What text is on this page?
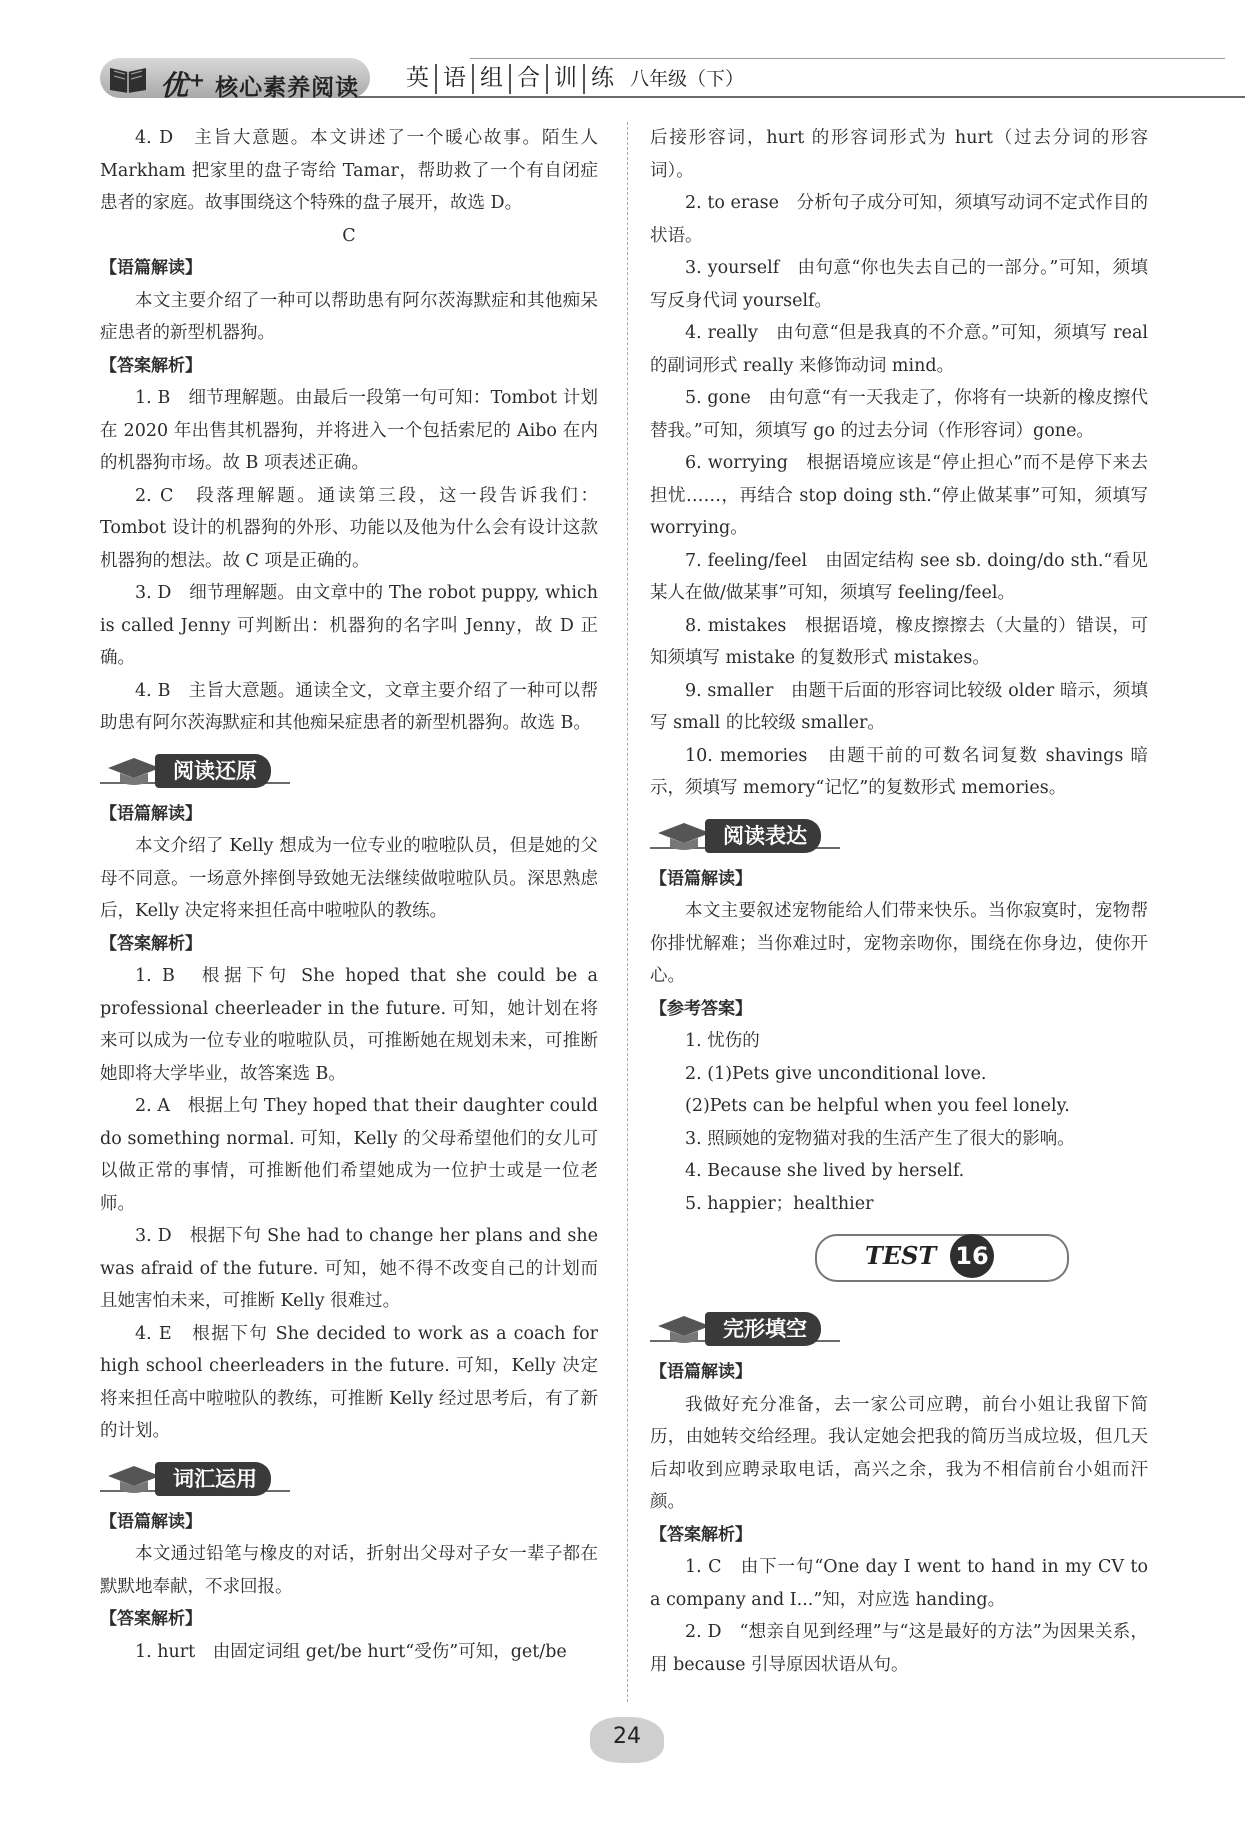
优+ 核心素养阅读 英 语 组 合 训 练 八年级（下）

4. D　主旨大意题。本文讲述了一个暖心故事。陌生人 Markham 把家里的盘子寄给 Tamar，帮助救了一个有自闭症患者的家庭。故事围绕这个特殊的盘子展开，故选 D。

C

【语篇解读】

本文主要介绍了一种可以帮助患有阿尔茨海默症和其他痴呆症患者的新型机器狗。

【答案解析】

1. B　细节理解题。由最后一段第一句可知：Tombot 计划在 2020 年出售其机器狗，并将进入一个包括索尼的 Aibo 在内的机器狗市场。故 B 项表述正确。

2. C　段落理解题。通读第三段，这一段告诉我们：Tombot 设计的机器狗的外形、功能以及他为什么会有设计这款机器狗的想法。故 C 项是正确的。

3. D　细节理解题。由文章中的 The robot puppy, which is called Jenny 可判断出：机器狗的名字叫 Jenny，故 D 正确。

4. B　主旨大意题。通读全文，文章主要介绍了一种可以帮助患有阿尔茨海默症和其他痴呆症患者的新型机器狗。故选 B。

阅读还原

【语篇解读】

本文介绍了 Kelly 想成为一位专业的啦啦队员，但是她的父母不同意。一场意外摔倒导致她无法继续做啦啦队员。深思熟虑后，Kelly 决定将来担任高中啦啦队的教练。

【答案解析】

1. B　根据下句 She hoped that she could be a professional cheerleader in the future. 可知，她计划在将来可以成为一位专业的啦啦队员，可推断她在规划未来，可推断她即将大学毕业，故答案选 B。

2. A　根据上句 They hoped that their daughter could do something normal. 可知，Kelly 的父母希望他们的女儿可以做正常的事情，可推断他们希望她成为一位护士或是一位老师。

3. D　根据下句 She had to change her plans and she was afraid of the future. 可知，她不得不改变自己的计划而且她害怕未来，可推断 Kelly 很难过。

4. E　根据下句 She decided to work as a coach for high school cheerleaders in the future. 可知，Kelly 决定将来担任高中啦啦队的教练，可推断 Kelly 经过思考后，有了新的计划。

词汇运用

【语篇解读】

本文通过铅笔与橡皮的对话，折射出父母对子女一辈子都在默默地奉献，不求回报。

【答案解析】

1. hurt　由固定词组 get/be hurt“受伤”可知，get/be

后接形容词，hurt 的形容词形式为 hurt（过去分词的形容词）。

2. to erase　分析句子成分可知，须填写动词不定式作目的状语。

3. yourself　由句意“你也失去自己的一部分。”可知，须填写反身代词 yourself。

4. really　由句意“但是我真的不介意。”可知，须填写 real 的副词形式 really 来修饰动词 mind。

5. gone　由句意“有一天我走了，你将有一块新的橡皮擦代替我。”可知，须填写 go 的过去分词（作形容词）gone。

6. worrying　根据语境应该是“停止担心”而不是停下来去担忧……，再结合 stop doing sth.“停止做某事”可知，须填写 worrying。

7. feeling/feel　由固定结构 see sb. doing/do sth.“看见某人在做/做某事”可知，须填写 feeling/feel。

8. mistakes　根据语境，橡皮擦擦去（大量的）错误，可知须填写 mistake 的复数形式 mistakes。

9. smaller　由题干后面的形容词比较级 older 暗示，须填写 small 的比较级 smaller。

10. memories　由题干前的可数名词复数 shavings 暗示，须填写 memory“记忆”的复数形式 memories。

阅读表达

【语篇解读】

本文主要叙述宠物能给人们带来快乐。当你寂寞时，宠物帮你排忧解难；当你难过时，宠物亲吻你，围绕在你身边，使你开心。

【参考答案】

1. 忧伤的

2. (1)Pets give unconditional love.

(2)Pets can be helpful when you feel lonely.

3. 照顾她的宠物猫对我的生活产生了很大的影响。

4. Because she lived by herself.

5. happier；healthier

TEST 16
完形填空

【语篇解读】

我做好充分准备，去一家公司应聘，前台小姐让我留下简历，由她转交给经理。我认定她会把我的简历当成垃圾，但几天后却收到应聘录取电话，高兴之余，我为不相信前台小姐而汗颜。

【答案解析】

1. C　由下一句“One day I went to hand in my CV to a company and I...”知，对应选 handing。

2. D　“想亲自见到经理”与“这是最好的方法”为因果关系，用 because 引导原因状语从句。

24
